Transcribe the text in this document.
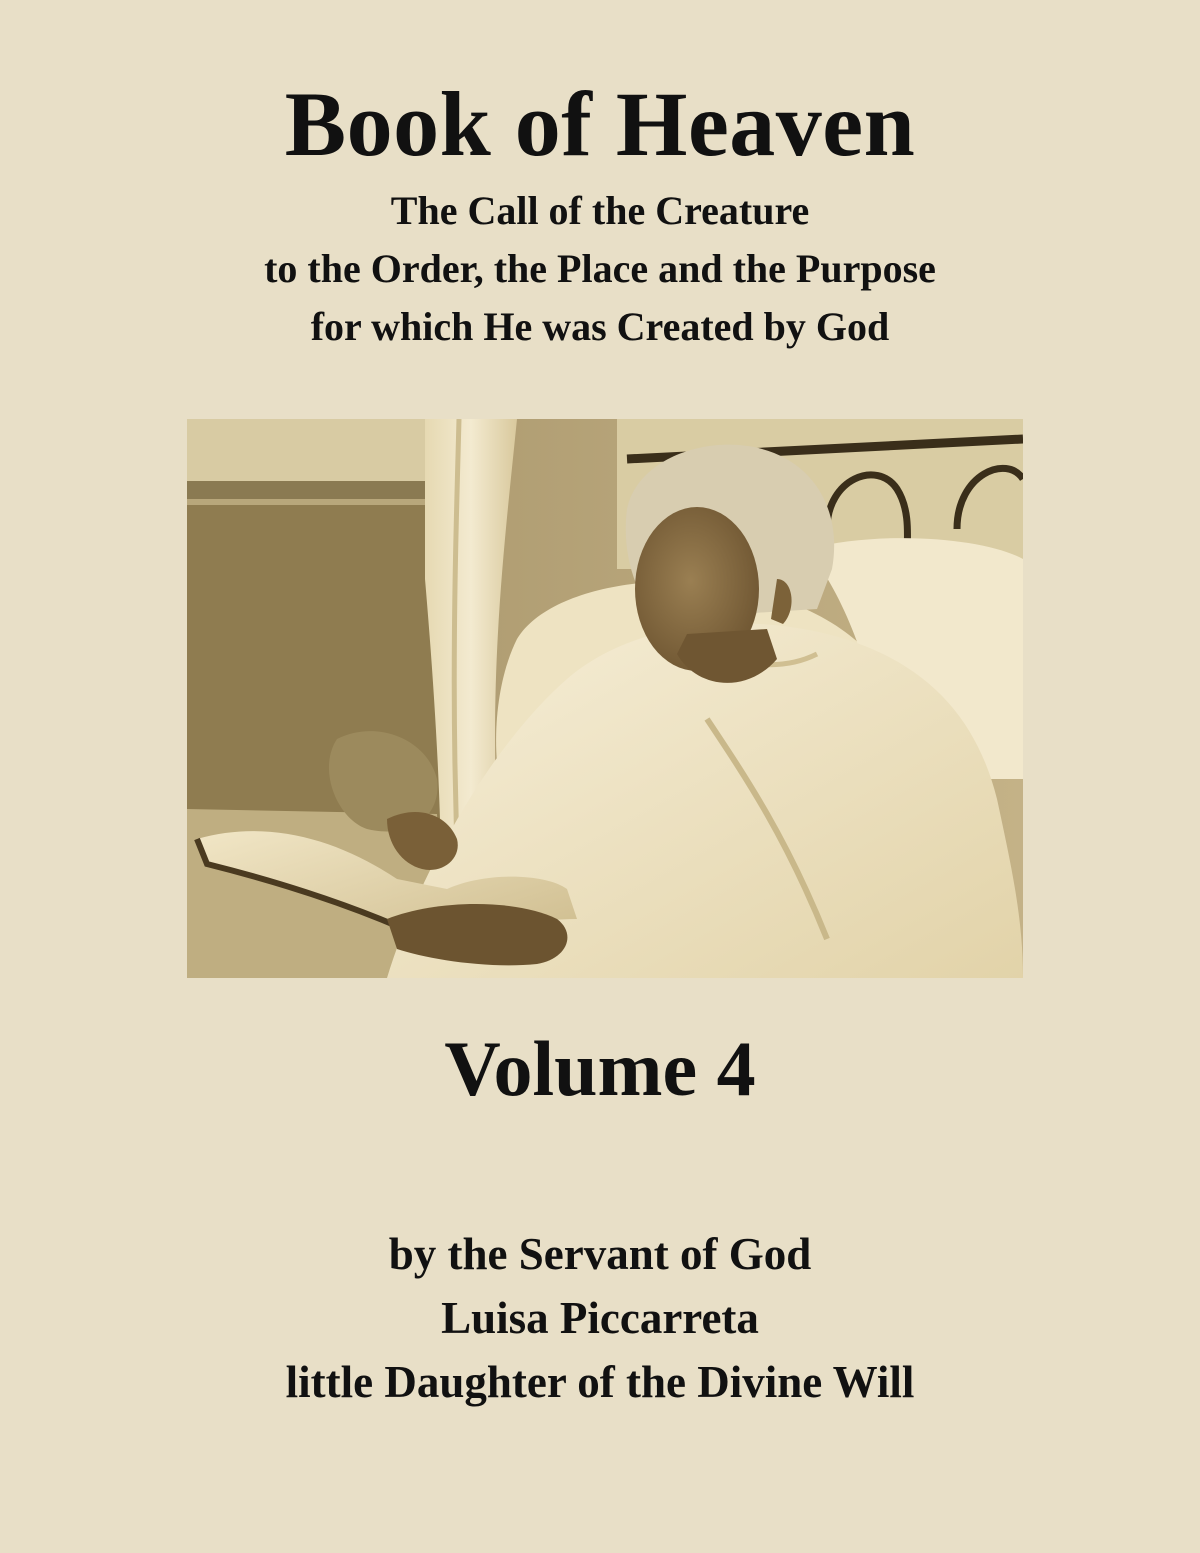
Book of Heaven
The Call of the Creature
to the Order, the Place and the Purpose
for which He was Created by God
Volume 4
by the Servant of God
Luisa Piccarreta
little Daughter of the Divine Will
